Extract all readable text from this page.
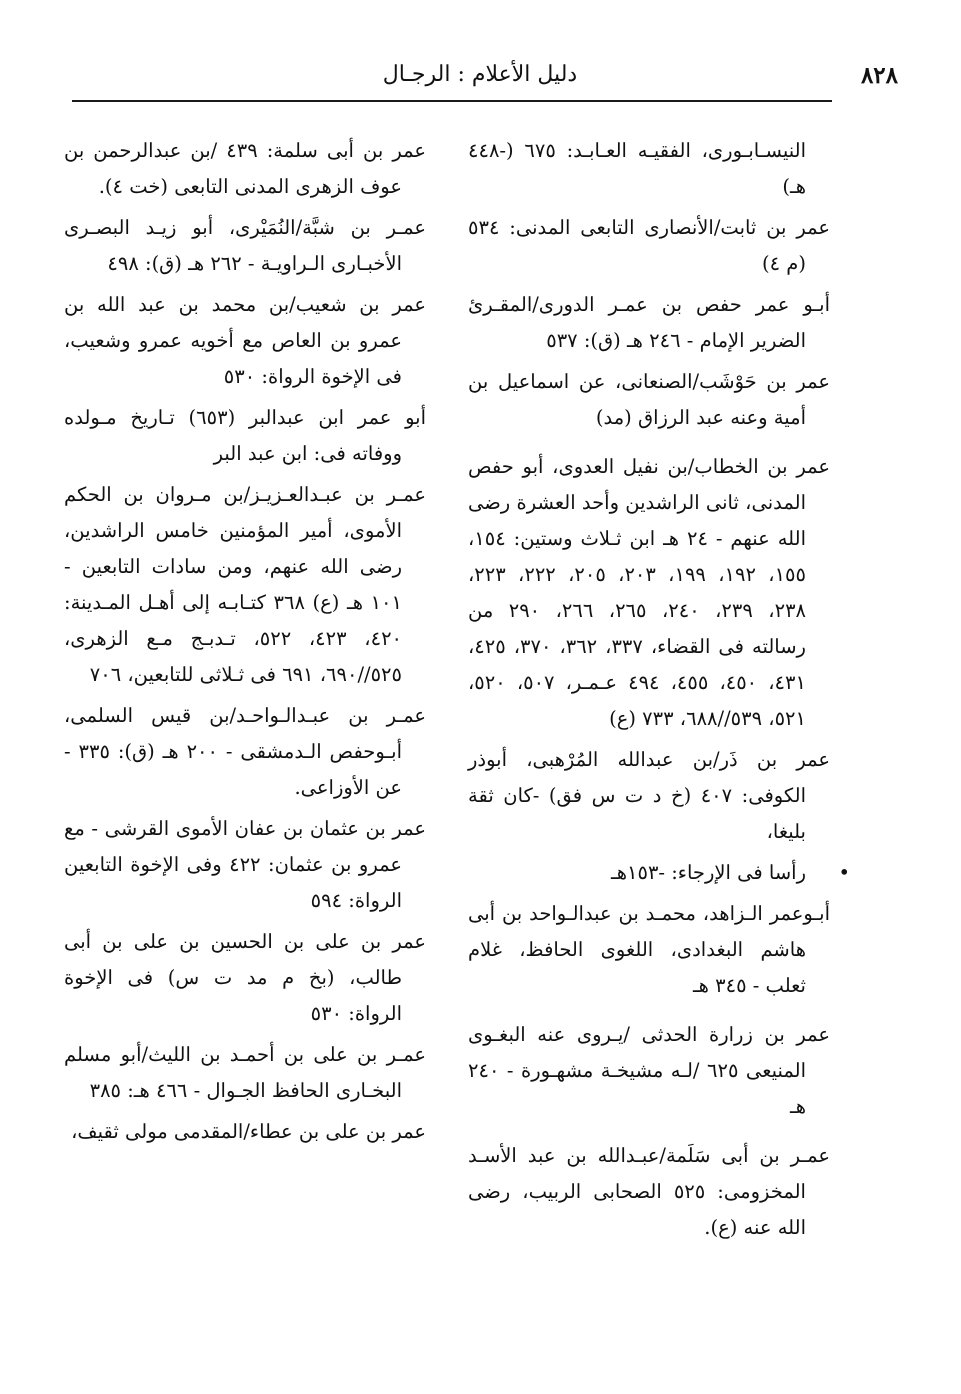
٨٢٨
دليل الأعلام : الرجـال

النيسـابـورى، الفقيـه العـابـد: ٦٧٥ (-٤٤٨ هـ)

عمر بن ثابت/الأنصارى التابعى المدنى: ٥٣٤ (م ٤)

أبـو عمر حفص بن عمـر الدورى/المقـرئ الضرير الإمام - ٢٤٦ هـ (ق): ٥٣٧

عمر بن حَوْشَب/الصنعانى، عن اسماعيل بن أمية وعنه عبد الرزاق (مد)

عمر بن الخطاب/بن نفيل العدوى، أبو حفص المدنى، ثانى الراشدين وأحد العشرة رضى الله عنهم - ٢٤ هـ ابن ثـلاث وستين: ١٥٤، ١٥٥، ١٩٢، ١٩٩، ٢٠٣، ٢٠٥، ٢٢٢، ٢٢٣، ٢٣٨، ٢٣٩، ٢٤٠، ٢٦٥، ٢٦٦، ٢٩٠ من رسالته فى القضاء، ٣٣٧، ٣٦٢، ٣٧٠، ٤٢٥، ٤٣١، ٤٥٠، ٤٥٥، ٤٩٤ عـمـر، ٥٠٧، ٥٢٠، ٥٢١، ٥٣٩//٦٨٨، ٧٣٣ (ع)

عمر بن ذَر/بن عبدالله المُرْهبى، أبوذر الكوفى: ٤٠٧ (خ د ت س فق) -كان ثقة بليغا،

• رأسا فى الإرجاء: -١٥٣هـ

أبـوعمر الـزاهد، محمـد بن عبدالـواحد بن أبى هاشم البغدادى، اللغوى الحافظ، غلام ثعلب - ٣٤٥ هـ

عمر بن زرارة الحدثى /يـروى عنه البغـوى المنيعى ٦٢٥ /لـه مشيخـة مشهـورة - ٢٤٠ هـ

عمـر بن أبى سَلَمة/عبـدالله بن عبد الأسـد المخزومى: ٥٢٥ الصحابى الربيب، رضى الله عنه (ع).

عمر بن أبى سلمة: ٤٣٩ /بن عبدالرحمن بن عوف الزهرى المدنى التابعى (خت ٤).

عمـر بن شبَّة/النُمَيْرى، أبو زيـد البصـرى الأخبـارى الـراويـة - ٢٦٢ هـ (ق): ٤٩٨

عمر بن شعيب/بن محمد بن عبد الله بن عمرو بن العاص مع أخويه عمرو وشعيب، فى الإخوة الرواة: ٥٣٠

أبو عمر ابن عبدالبر (٦٥٣) تـاريخ مـولده ووفاته فى: ابن عبد البر

عمـر بن عبـدالعـزيـز/بن مـروان بن الحكم الأموى، أمير المؤمنين خامس الراشدين، رضى الله عنهم، ومن سادات التابعين - ١٠١ هـ (ع) ٣٦٨ كتـابـه إلى أهـل المـدينة: ٤٢٠، ٤٢٣، ٥٢٢، تـدبـج مـع الزهرى، ٥٢٥//٦٩٠، ٦٩١ فى ثـلاثى للتابعين، ٧٠٦

عمـر بن عبـدالـواحـد/بن قيس السلمى، أبـوحفص الـدمشقى - ٢٠٠ هـ (ق): ٣٣٥ - عن الأوزاعى.

عمر بن عثمان بن عفان الأموى القرشى - مع عمرو بن عثمان: ٤٢٢ وفى الإخوة التابعين الرواة: ٥٩٤

عمر بن على بن الحسين بن على بن أبى طالب، (بخ م مد ت س) فى الإخوة الرواة: ٥٣٠

عمـر بن على بن أحمـد بن الليث/أبو مسلم البخـارى الحافظ الجـوال - ٤٦٦ هـ: ٣٨٥

عمر بن على بن عطاء/المقدمى مولى ثقيف،
